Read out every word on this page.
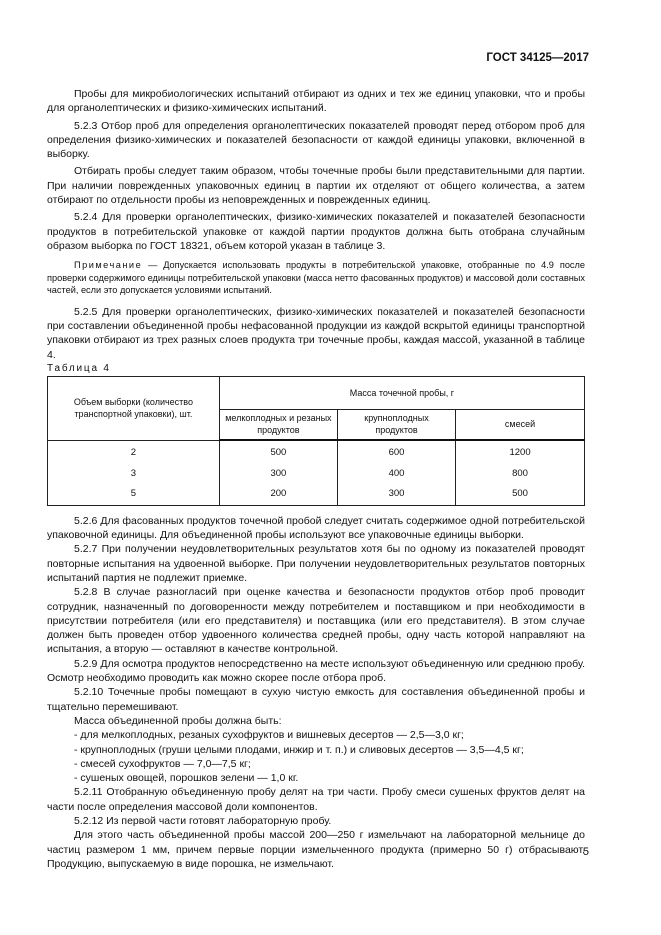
ГОСТ 34125—2017

Пробы для микробиологических испытаний отбирают из одних и тех же единиц упаковки, что и пробы для органолептических и физико-химических испытаний.

5.2.3 Отбор проб для определения органолептических показателей проводят перед отбором проб для определения физико-химических и показателей безопасности от каждой единицы упаковки, включенной в выборку.

Отбирать пробы следует таким образом, чтобы точечные пробы были представительными для партии. При наличии поврежденных упаковочных единиц в партии их отделяют от общего количества, а затем отбирают по отдельности пробы из неповрежденных и поврежденных единиц.

5.2.4 Для проверки органолептических, физико-химических показателей и показателей безопасности продуктов в потребительской упаковке от каждой партии продуктов должна быть отобрана случайным образом выборка по ГОСТ 18321, объем которой указан в таблице 3.

Примечание — Допускается использовать продукты в потребительской упаковке, отобранные по 4.9 после проверки содержимого единицы потребительской упаковки (масса нетто фасованных продуктов) и массовой доли составных частей, если это допускается условиями испытаний.

5.2.5 Для проверки органолептических, физико-химических показателей и показателей безопасности при составлении объединенной пробы нефасованной продукции из каждой вскрытой единицы транспортной упаковки отбирают из трех разных слоев продукта три точечные пробы, каждая массой, указанной в таблице 4.

Таблица 4

Объем выборки (количество транспортной упаковки), шт.	Масса точечной пробы, г		
	мелкоплодных и резаных продуктов	крупноплодных продуктов	смесей
2	500	600	1200
3	300	400	800
5	200	300	500

5.2.6 Для фасованных продуктов точечной пробой следует считать содержимое одной потребительской упаковочной единицы. Для объединенной пробы используют все упаковочные единицы выборки.

5.2.7 При получении неудовлетворительных результатов хотя бы по одному из показателей проводят повторные испытания на удвоенной выборке. При получении неудовлетворительных результатов повторных испытаний партия не подлежит приемке.

5.2.8 В случае разногласий при оценке качества и безопасности продуктов отбор проб проводит сотрудник, назначенный по договоренности между потребителем и поставщиком и при необходимости в присутствии потребителя (или его представителя) и поставщика (или его представителя). В этом случае должен быть проведен отбор удвоенного количества средней пробы, одну часть которой направляют на испытания, а вторую — оставляют в качестве контрольной.

5.2.9 Для осмотра продуктов непосредственно на месте используют объединенную или среднюю пробу. Осмотр необходимо проводить как можно скорее после отбора проб.

5.2.10 Точечные пробы помещают в сухую чистую емкость для составления объединенной пробы и тщательно перемешивают.

Масса объединенной пробы должна быть:

- для мелкоплодных, резаных сухофруктов и вишневых десертов — 2,5—3,0 кг;

- крупноплодных (груши целыми плодами, инжир и т. п.) и сливовых десертов — 3,5—4,5 кг;

- смесей сухофруктов — 7,0—7,5 кг;

- сушеных овощей, порошков зелени — 1,0 кг.

5.2.11 Отобранную объединенную пробу делят на три части. Пробу смеси сушеных фруктов делят на части после определения массовой доли компонентов.

5.2.12 Из первой части готовят лабораторную пробу.

Для этого часть объединенной пробы массой 200—250 г измельчают на лабораторной мельнице до частиц размером 1 мм, причем первые порции измельченного продукта (примерно 50 г) отбрасывают. Продукцию, выпускаемую в виде порошка, не измельчают.

5
